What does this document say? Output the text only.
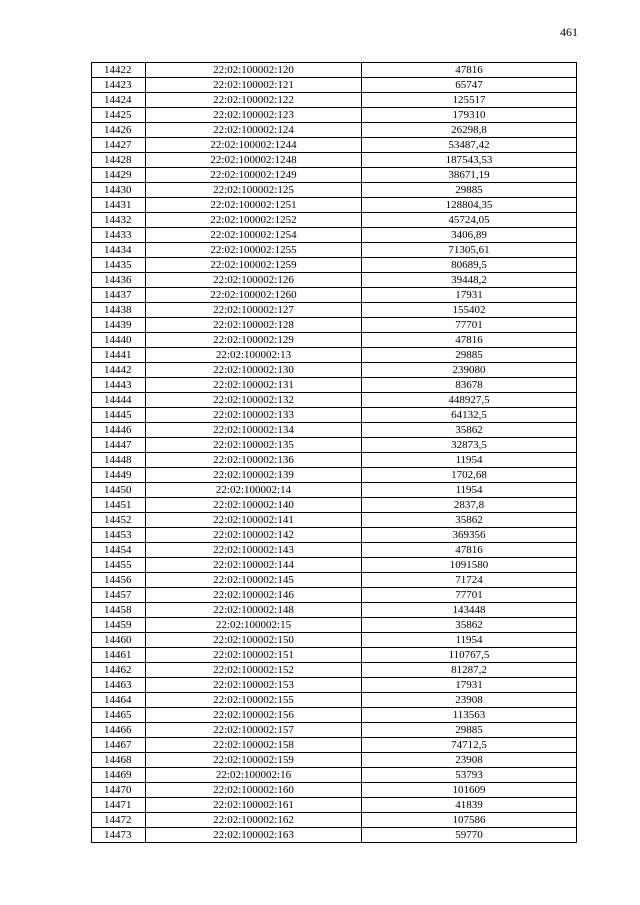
461
14422	22:02:100002:120	47816
14423	22:02:100002:121	65747
14424	22:02:100002:122	125517
14425	22:02:100002:123	179310
14426	22:02:100002:124	26298,8
14427	22:02:100002:1244	53487,42
14428	22:02:100002:1248	187543,53
14429	22:02:100002:1249	38671,19
14430	22:02:100002:125	29885
14431	22:02:100002:1251	128804,35
14432	22:02:100002:1252	45724,05
14433	22:02:100002:1254	3406,89
14434	22:02:100002:1255	71305,61
14435	22:02:100002:1259	80689,5
14436	22:02:100002:126	39448,2
14437	22:02:100002:1260	17931
14438	22:02:100002:127	155402
14439	22:02:100002:128	77701
14440	22:02:100002:129	47816
14441	22:02:100002:13	29885
14442	22:02:100002:130	239080
14443	22:02:100002:131	83678
14444	22:02:100002:132	448927,5
14445	22:02:100002:133	64132,5
14446	22:02:100002:134	35862
14447	22:02:100002:135	32873,5
14448	22:02:100002:136	11954
14449	22:02:100002:139	1702,68
14450	22:02:100002:14	11954
14451	22:02:100002:140	2837,8
14452	22:02:100002:141	35862
14453	22:02:100002:142	369356
14454	22:02:100002:143	47816
14455	22:02:100002:144	1091580
14456	22:02:100002:145	71724
14457	22:02:100002:146	77701
14458	22:02:100002:148	143448
14459	22:02:100002:15	35862
14460	22:02:100002:150	11954
14461	22:02:100002:151	110767,5
14462	22:02:100002:152	81287,2
14463	22:02:100002:153	17931
14464	22:02:100002:155	23908
14465	22:02:100002:156	113563
14466	22:02:100002:157	29885
14467	22:02:100002:158	74712,5
14468	22:02:100002:159	23908
14469	22:02:100002:16	53793
14470	22:02:100002:160	101609
14471	22:02:100002:161	41839
14472	22:02:100002:162	107586
14473	22:02:100002:163	59770
